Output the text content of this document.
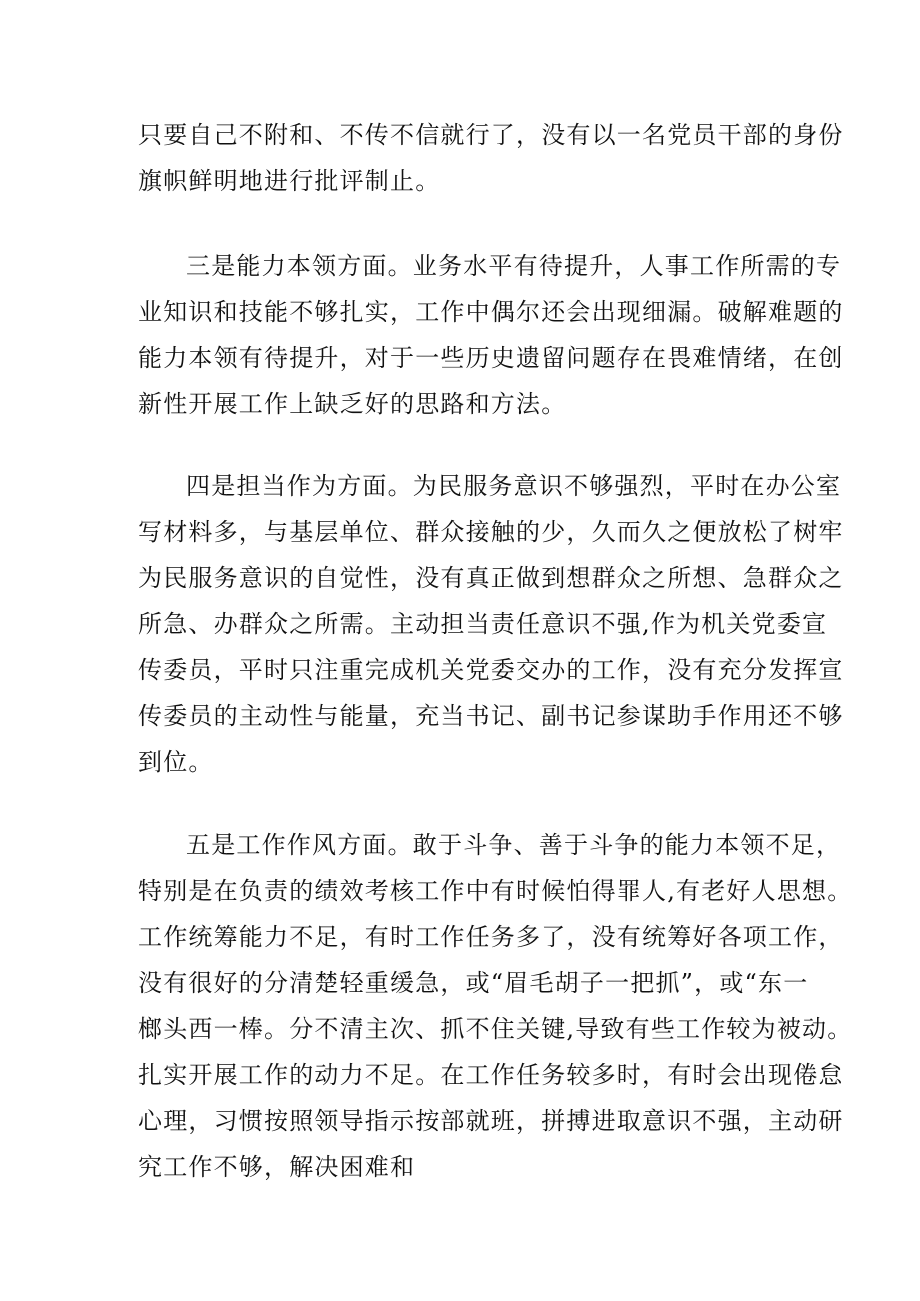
只要自己不附和、不传不信就行了，没有以一名党员干部的身份
旗帜鲜明地进行批评制止。
三是能力本领方面。业务水平有待提升，人事工作所需的专
业知识和技能不够扎实，工作中偶尔还会出现细漏。破解难题的
能力本领有待提升，对于一些历史遗留问题存在畏难情绪，在创
新性开展工作上缺乏好的思路和方法。
四是担当作为方面。为民服务意识不够强烈，平时在办公室
写材料多，与基层单位、群众接触的少，久而久之便放松了树牢
为民服务意识的自觉性，没有真正做到想群众之所想、急群众之
所急、办群众之所需。主动担当责任意识不强,作为机关党委宣
传委员，平时只注重完成机关党委交办的工作，没有充分发挥宣
传委员的主动性与能量，充当书记、副书记参谋助手作用还不够
到位。
五是工作作风方面。敢于斗争、善于斗争的能力本领不足，
特别是在负责的绩效考核工作中有时候怕得罪人,有老好人思想。
工作统筹能力不足，有时工作任务多了，没有统筹好各项工作，
没有很好的分清楚轻重缓急，或“眉毛胡子一把抓”，或“东一
榔头西一棒。分不清主次、抓不住关键,导致有些工作较为被动。
扎实开展工作的动力不足。在工作任务较多时，有时会出现倦怠
心理，习惯按照领导指示按部就班，拼搏进取意识不强，主动研
究工作不够，解决困难和
